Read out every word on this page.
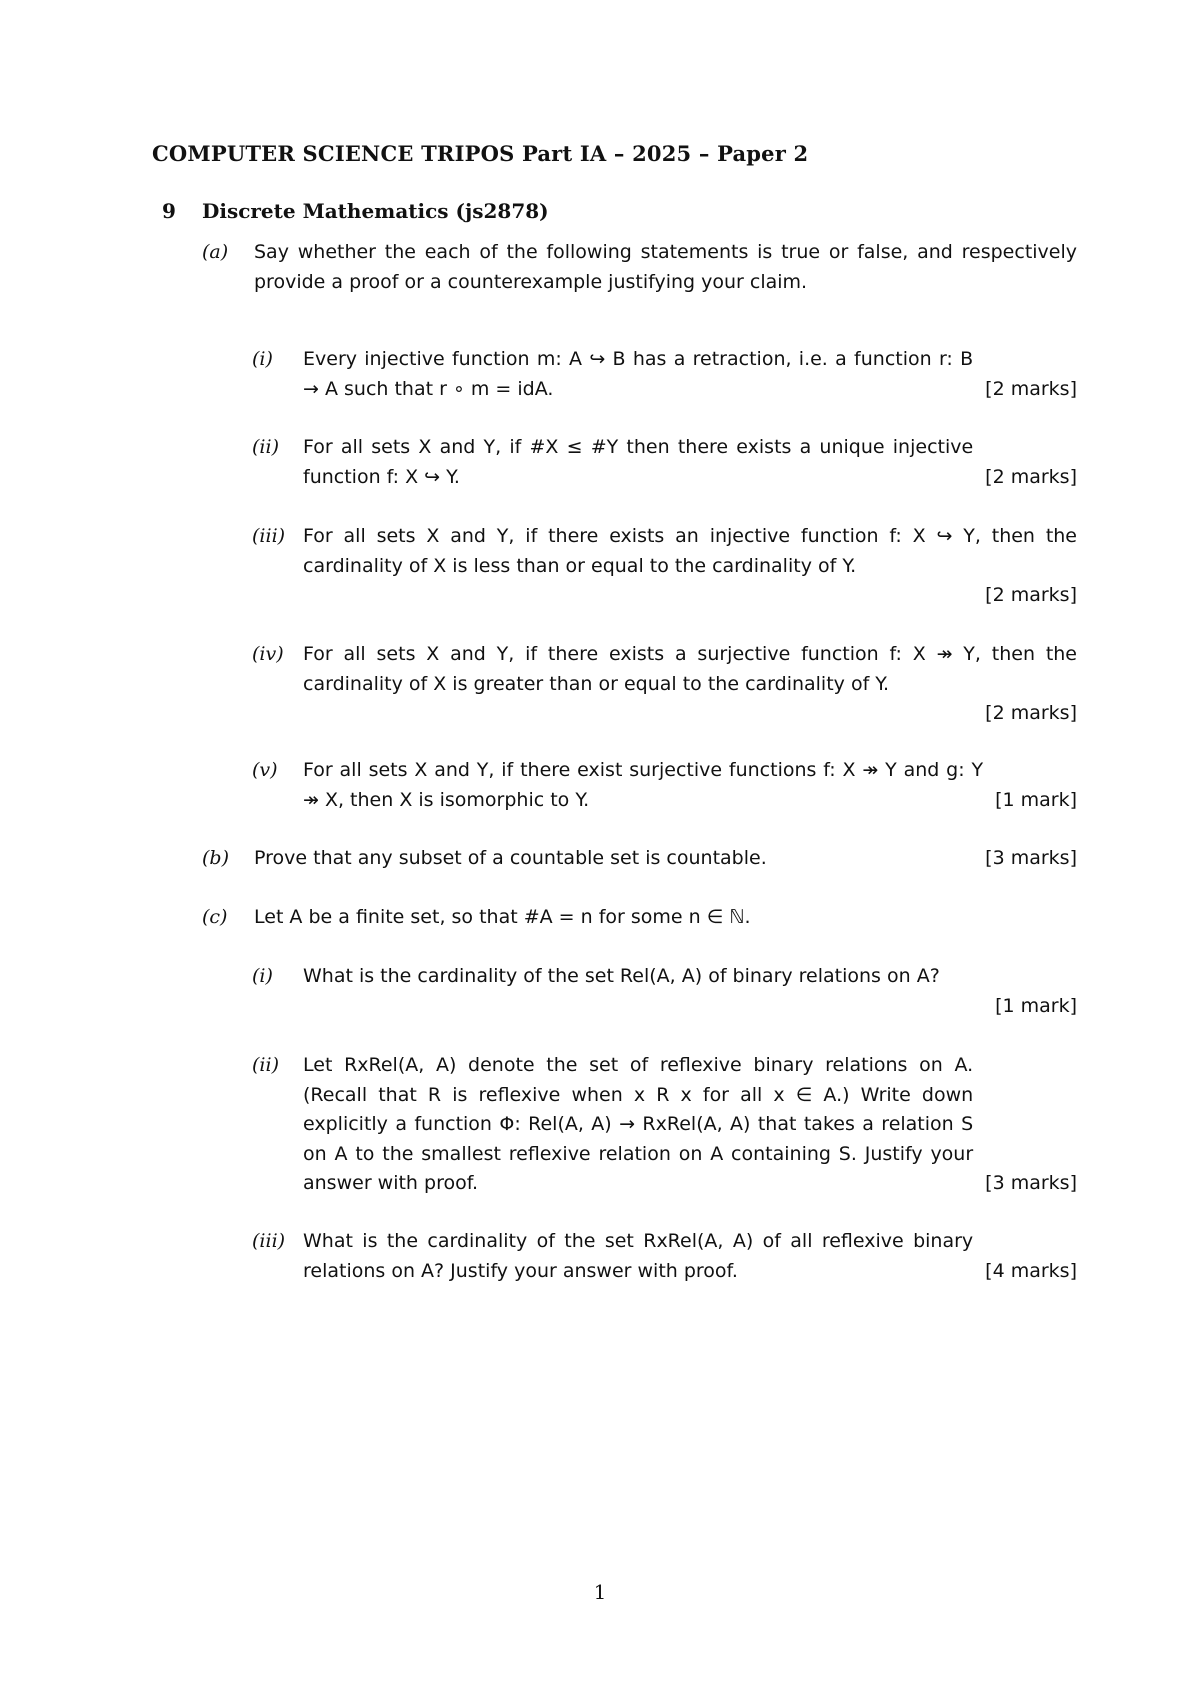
COMPUTER SCIENCE TRIPOS Part IA – 2025 – Paper 2
9 Discrete Mathematics (js2878)
(a) Say whether the each of the following statements is true or false, and respectively provide a proof or a counterexample justifying your claim.
(i)
[2 marks]
Every injective function m: A ↪ B has a retraction, i.e. a function r: B → A such that r ∘ m = idA.
(ii)
[2 marks]
For all sets X and Y, if #X ≤ #Y then there exists a unique injective function f: X ↪ Y.
(iii) For all sets X and Y, if there exists an injective function f: X ↪ Y, then the cardinality of X is less than or equal to the cardinality of Y.
[2 marks]
(iv) For all sets X and Y, if there exists a surjective function f: X ↠ Y, then the cardinality of X is greater than or equal to the cardinality of Y.
[2 marks]
(v)
[1 mark]
For all sets X and Y, if there exist surjective functions f: X ↠ Y and g: Y ↠ X, then X is isomorphic to Y.
(b)	[3 marks]
Prove that any subset of a countable set is countable.
(c) Let A be a finite set, so that #A = n for some n ∈ ℕ.
(i) What is the cardinality of the set Rel(A, A) of binary relations on A?
[1 mark]
(ii)
[3 marks]
Let RxRel(A, A) denote the set of reflexive binary relations on A. (Recall that R is reflexive when x R x for all x ∈ A.) Write down explicitly a function Φ: Rel(A, A) → RxRel(A, A) that takes a relation S on A to the smallest reflexive relation on A containing S. Justify your answer with proof.
(iii)
[4 marks]
What is the cardinality of the set RxRel(A, A) of all reflexive binary relations on A? Justify your answer with proof.
1
